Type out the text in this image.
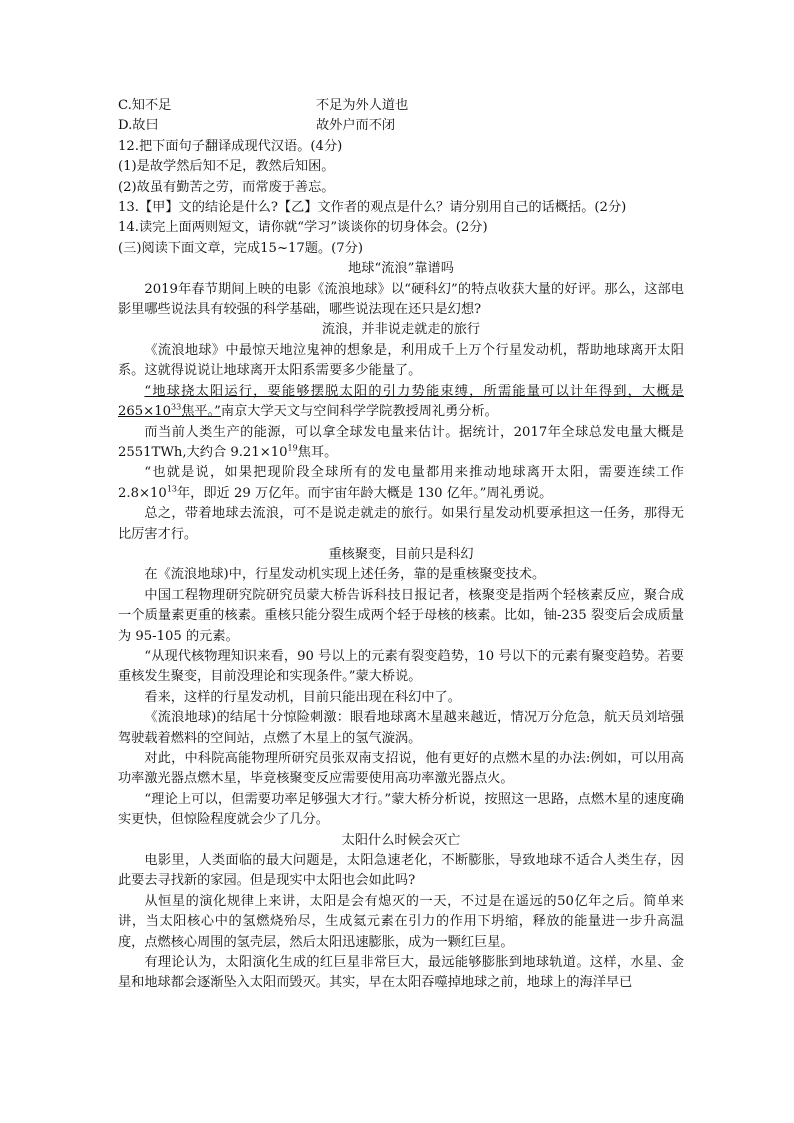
C.知不足	不足为外人道也
D.故曰	故外户而不闭
12.把下面句子翻译成现代汉语。(4分)
(1)是故学然后知不足，教然后知困。
(2)故虽有勤苦之劳，而常废于善忘。
13.【甲】文的结论是什么?【乙】文作者的观点是什么？请分别用自己的话概括。(2分)
14.读完上面两则短文，请你就“学习”谈谈你的切身体会。(2分)
(三)阅读下面文章，完成15~17题。(7分)

地球“流浪”靠谱吗

2019年春节期间上映的电影《流浪地球》以“硬科幻”的特点收获大量的好评。那么，这部电影里哪些说法具有较强的科学基础，哪些说法现在还只是幻想?

流浪，并非说走就走的旅行

《流浪地球》中最惊天地泣鬼神的想象是，利用成千上万个行星发动机，帮助地球离开太阳系。这就得说说让地球离开太阳系需要多少能量了。

“地球挠太阳运行，要能够摆脱太阳的引力势能束缚，所需能量可以计年得到，大概是 $265\times 10^{33}$焦平。”南京大学天文与空间科学学院教授周礼勇分析。

而当前人类生产的能源，可以拿全球发电量来估计。据统计，2017年全球总发电量大概是 2551TWh,大约合 $9.21\times 10^{19}$焦耳。

“也就是说，如果把现阶段全球所有的发电量都用来推动地球离开太阳，需要连续工作$2.8\times 10^{13}$年，即近 29 万亿年。而宇宙年龄大概是 130 亿年。”周礼勇说。

总之，带着地球去流浪，可不是说走就走的旅行。如果行星发动机要承担这一任务，那得无比厉害才行。

重核聚变，目前只是科幻

在《流浪地球)中，行星发动机实现上述任务，靠的是重核聚变技术。

中国工程物理研究院研究员蒙大桥告诉科技日报记者，核聚变是指两个轻核素反应，聚合成一个质量素更重的核素。重核只能分裂生成两个轻于母核的核素。比如，铀-235 裂变后会成质量为 95-105 的元素。

“从现代核物理知识来看，90 号以上的元素有裂变趋势，10 号以下的元素有聚变趋势。若要重核发生聚变，目前没理论和实现条件。”蒙大桥说。

看来，这样的行星发动机，目前只能出现在科幻中了。

《流浪地球)的结尾十分惊险刺激：眼看地球离木星越来越近，情况万分危急，航天员刘培强驾驶载着燃料的空间站，点燃了木星上的氢气漩涡。

对此，中科院高能物理所研究员张双南支招说，他有更好的点燃木星的办法:例如，可以用高功率激光器点燃木星，毕竟核聚变反应需要使用高功率激光器点火。

“理论上可以，但需要功率足够强大才行。”蒙大桥分析说，按照这一思路，点燃木星的速度确实更快，但惊险程度就会少了几分。

太阳什么时候会灭亡

电影里，人类面临的最大问题是，太阳急速老化，不断膨胀，导致地球不适合人类生存，因此要去寻找新的家园。但是现实中太阳也会如此吗?

从恒星的演化规律上来讲，太阳是会有熄灭的一天，不过是在遥远的50亿年之后。简单来讲，当太阳核心中的氢燃烧殆尽，生成氦元素在引力的作用下坍缩，释放的能量进一步升高温度，点燃核心周围的氢壳层，然后太阳迅速膨胀，成为一颗红巨星。

有理论认为，太阳演化生成的红巨星非常巨大，最远能够膨胀到地球轨道。这样，水星、金星和地球都会逐渐坠入太阳而毁灭。其实，早在太阳吞噬掉地球之前，地球上的海洋早已
